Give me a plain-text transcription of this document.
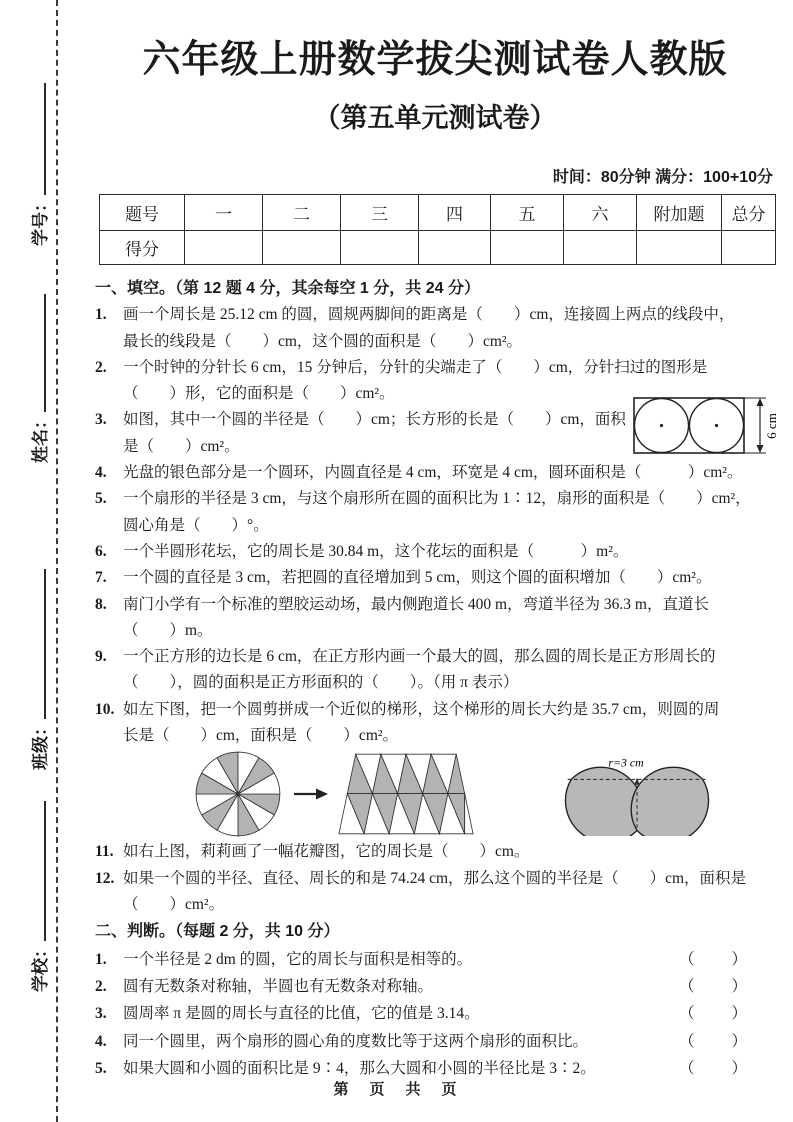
学号：
姓名：
班级：
学校：
六年级上册数学拔尖测试卷人教版
（第五单元测试卷）
时间：80分钟 满分：100+10分
题号	一	二	三	四	五	六	附加题	总分
得分								
6 cm
一、填空。（第 12 题 4 分，其余每空 1 分，共 24 分）
1. 画一个周长是 25.12 cm 的圆，圆规两脚间的距离是（　　）cm，连接圆上两点的线段中，
最长的线段是（　　）cm，这个圆的面积是（　　）cm²。
2. 一个时钟的分针长 6 cm，15 分钟后，分针的尖端走了（　　）cm，分针扫过的图形是
（　　）形，它的面积是（　　）cm²。
3. 如图，其中一个圆的半径是（　　）cm；长方形的长是（　　）cm，面积
是（　　）cm²。
4. 光盘的银色部分是一个圆环，内圆直径是 4 cm，环宽是 4 cm，圆环面积是（　　　）cm²。
5. 一个扇形的半径是 3 cm，与这个扇形所在圆的面积比为 1∶12，扇形的面积是（　　）cm²，
圆心角是（　　）°。
6. 一个半圆形花坛，它的周长是 30.84 m，这个花坛的面积是（　　　）m²。
7. 一个圆的直径是 3 cm，若把圆的直径增加到 5 cm，则这个圆的面积增加（　　）cm²。
8. 南门小学有一个标准的塑胶运动场，最内侧跑道长 400 m，弯道半径为 36.3 m，直道长
（　　）m。
9. 一个正方形的边长是 6 cm，在正方形内画一个最大的圆，那么圆的周长是正方形周长的
（　　），圆的面积是正方形面积的（　　）。（用 π 表示）
10. 如左下图，把一个圆剪拼成一个近似的梯形，这个梯形的周长大约是 35.7 cm，则圆的周
长是（　　）cm，面积是（　　）cm²。
r=3 cm
11. 如右上图，莉莉画了一幅花瓣图，它的周长是（　　）cm。
12. 如果一个圆的半径、直径、周长的和是 74.24 cm，那么这个圆的半径是（　　）cm，面积是
（　　）cm²。
二、判断。（每题 2 分，共 10 分）
1.	一个半径是 2 dm 的圆，它的周长与面积是相等的。	（　　）
2.	圆有无数条对称轴，半圆也有无数条对称轴。	（　　）
3.	圆周率 π 是圆的周长与直径的比值，它的值是 3.14。	（　　）
4.	同一个圆里，两个扇形的圆心角的度数比等于这两个扇形的面积比。	（　　）
5.	如果大圆和小圆的面积比是 9∶4，那么大圆和小圆的半径比是 3∶2。	（　　）
第　页　共　页
